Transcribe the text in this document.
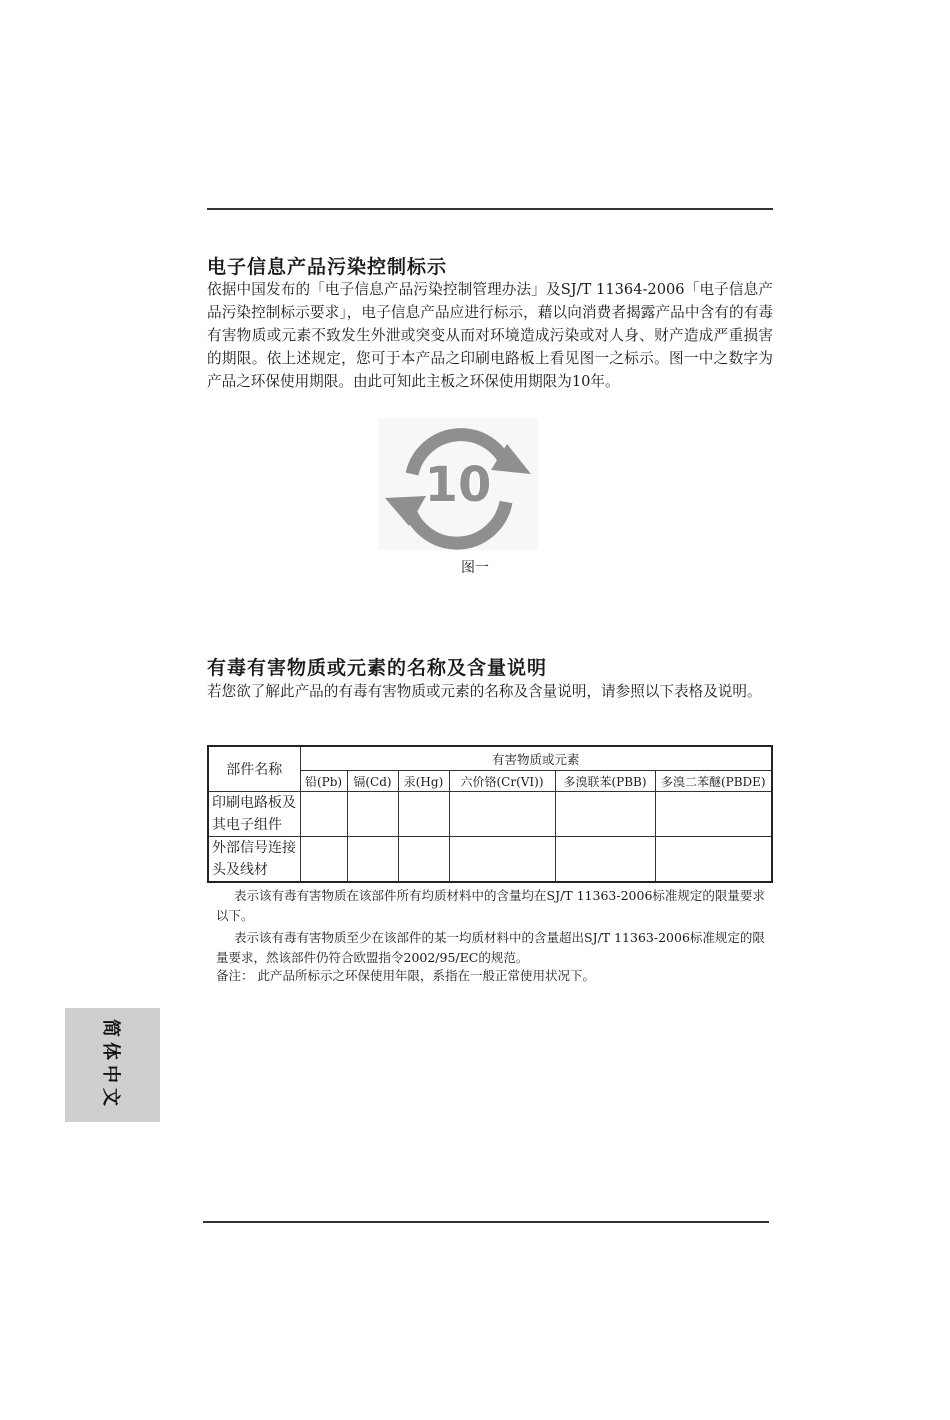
电子信息产品污染控制标示

依据中国发布的「电子信息产品污染控制管理办法」及SJ/T 11364-2006「电子信息产品污染控制标示要求」，电子信息产品应进行标示，藉以向消费者揭露产品中含有的有毒有害物质或元素不致发生外泄或突变从而对环境造成污染或对人身、财产造成严重损害的期限。依上述规定，您可于本产品之印刷电路板上看见图一之标示。图一中之数字为产品之环保使用期限。由此可知此主板之环保使用期限为10年。

10
图一
有毒有害物质或元素的名称及含量说明

若您欲了解此产品的有毒有害物质或元素的名称及含量说明，请参照以下表格及说明。

部件名称	有害物质或元素					
	铅(Pb)	镉(Cd)	汞(Hg)	六价铬(Cr(VI))	多溴联苯(PBB)	多溴二苯醚(PBDE)
印刷电路板及其电子组件						
外部信号连接头及线材						

表示该有毒有害物质在该部件所有均质材料中的含量均在SJ/T 11363-2006标准规定的限量要求以下。

表示该有毒有害物质至少在该部件的某一均质材料中的含量超出SJ/T 11363-2006标准规定的限量要求，然该部件仍符合欧盟指令2002/95/EC的规范。

备注： 此产品所标示之环保使用年限，系指在一般正常使用状况下。

简体中文
